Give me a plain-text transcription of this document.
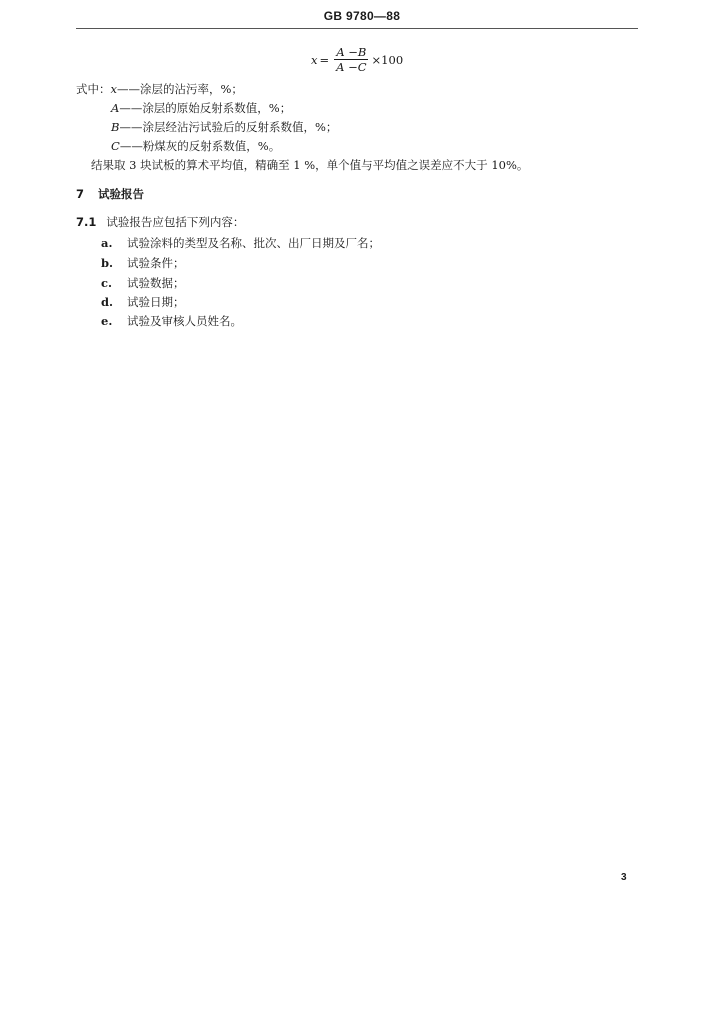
GB 9780—88
$x = \frac{A -B}{A -C} \times 100$
式中：x——涂层的沾污率，%；
A——涂层的原始反射系数值，%；
B——涂层经沾污试验后的反射系数值，%；
C——粉煤灰的反射系数值，%。
结果取 3 块试板的算术平均值，精确至 1 %，单个值与平均值之误差应不大于 10%。
7 试验报告
7.1 试验报告应包括下列内容：
a. 试验涂料的类型及名称、批次、出厂日期及厂名；
b. 试验条件；
c. 试验数据；
d. 试验日期；
e. 试验及审核人员姓名。
3
